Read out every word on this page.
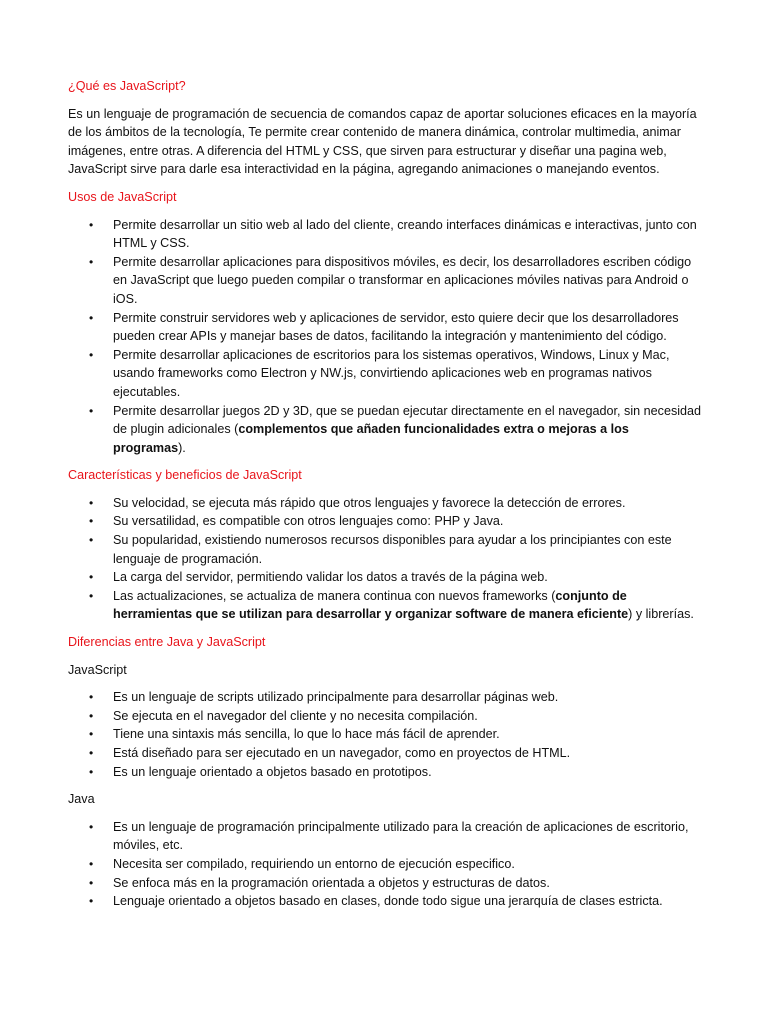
¿Qué es JavaScript?

Es un lenguaje de programación de secuencia de comandos capaz de aportar soluciones eficaces en la mayoría de los ámbitos de la tecnología, Te permite crear contenido de manera dinámica, controlar multimedia, animar imágenes, entre otras. A diferencia del HTML y CSS, que sirven para estructurar y diseñar una pagina web, JavaScript sirve para darle esa interactividad en la página, agregando animaciones o manejando eventos.

Usos de JavaScript
• Permite desarrollar un sitio web al lado del cliente, creando interfaces dinámicas e interactivas, junto con HTML y CSS.
• Permite desarrollar aplicaciones para dispositivos móviles, es decir, los desarrolladores escriben código en JavaScript que luego pueden compilar o transformar en aplicaciones móviles nativas para Android o iOS.
• Permite construir servidores web y aplicaciones de servidor, esto quiere decir que los desarrolladores pueden crear APIs y manejar bases de datos, facilitando la integración y mantenimiento del código.
• Permite desarrollar aplicaciones de escritorios para los sistemas operativos, Windows, Linux y Mac, usando frameworks como Electron y NW.js, convirtiendo aplicaciones web en programas nativos ejecutables.
• Permite desarrollar juegos 2D y 3D, que se puedan ejecutar directamente en el navegador, sin necesidad de plugin adicionales (complementos que añaden funcionalidades extra o mejoras a los programas).
Características y beneficios de JavaScript
• Su velocidad, se ejecuta más rápido que otros lenguajes y favorece la detección de errores.
• Su versatilidad, es compatible con otros lenguajes como: PHP y Java.
• Su popularidad, existiendo numerosos recursos disponibles para ayudar a los principiantes con este lenguaje de programación.
• La carga del servidor, permitiendo validar los datos a través de la página web.
• Las actualizaciones, se actualiza de manera continua con nuevos frameworks (conjunto de herramientas que se utilizan para desarrollar y organizar software de manera eficiente) y librerías.
Diferencias entre Java y JavaScript
JavaScript
• Es un lenguaje de scripts utilizado principalmente para desarrollar páginas web.
• Se ejecuta en el navegador del cliente y no necesita compilación.
• Tiene una sintaxis más sencilla, lo que lo hace más fácil de aprender.
• Está diseñado para ser ejecutado en un navegador, como en proyectos de HTML.
• Es un lenguaje orientado a objetos basado en prototipos.
Java
• Es un lenguaje de programación principalmente utilizado para la creación de aplicaciones de escritorio, móviles, etc.
• Necesita ser compilado, requiriendo un entorno de ejecución especifico.
• Se enfoca más en la programación orientada a objetos y estructuras de datos.
• Lenguaje orientado a objetos basado en clases, donde todo sigue una jerarquía de clases estricta.
